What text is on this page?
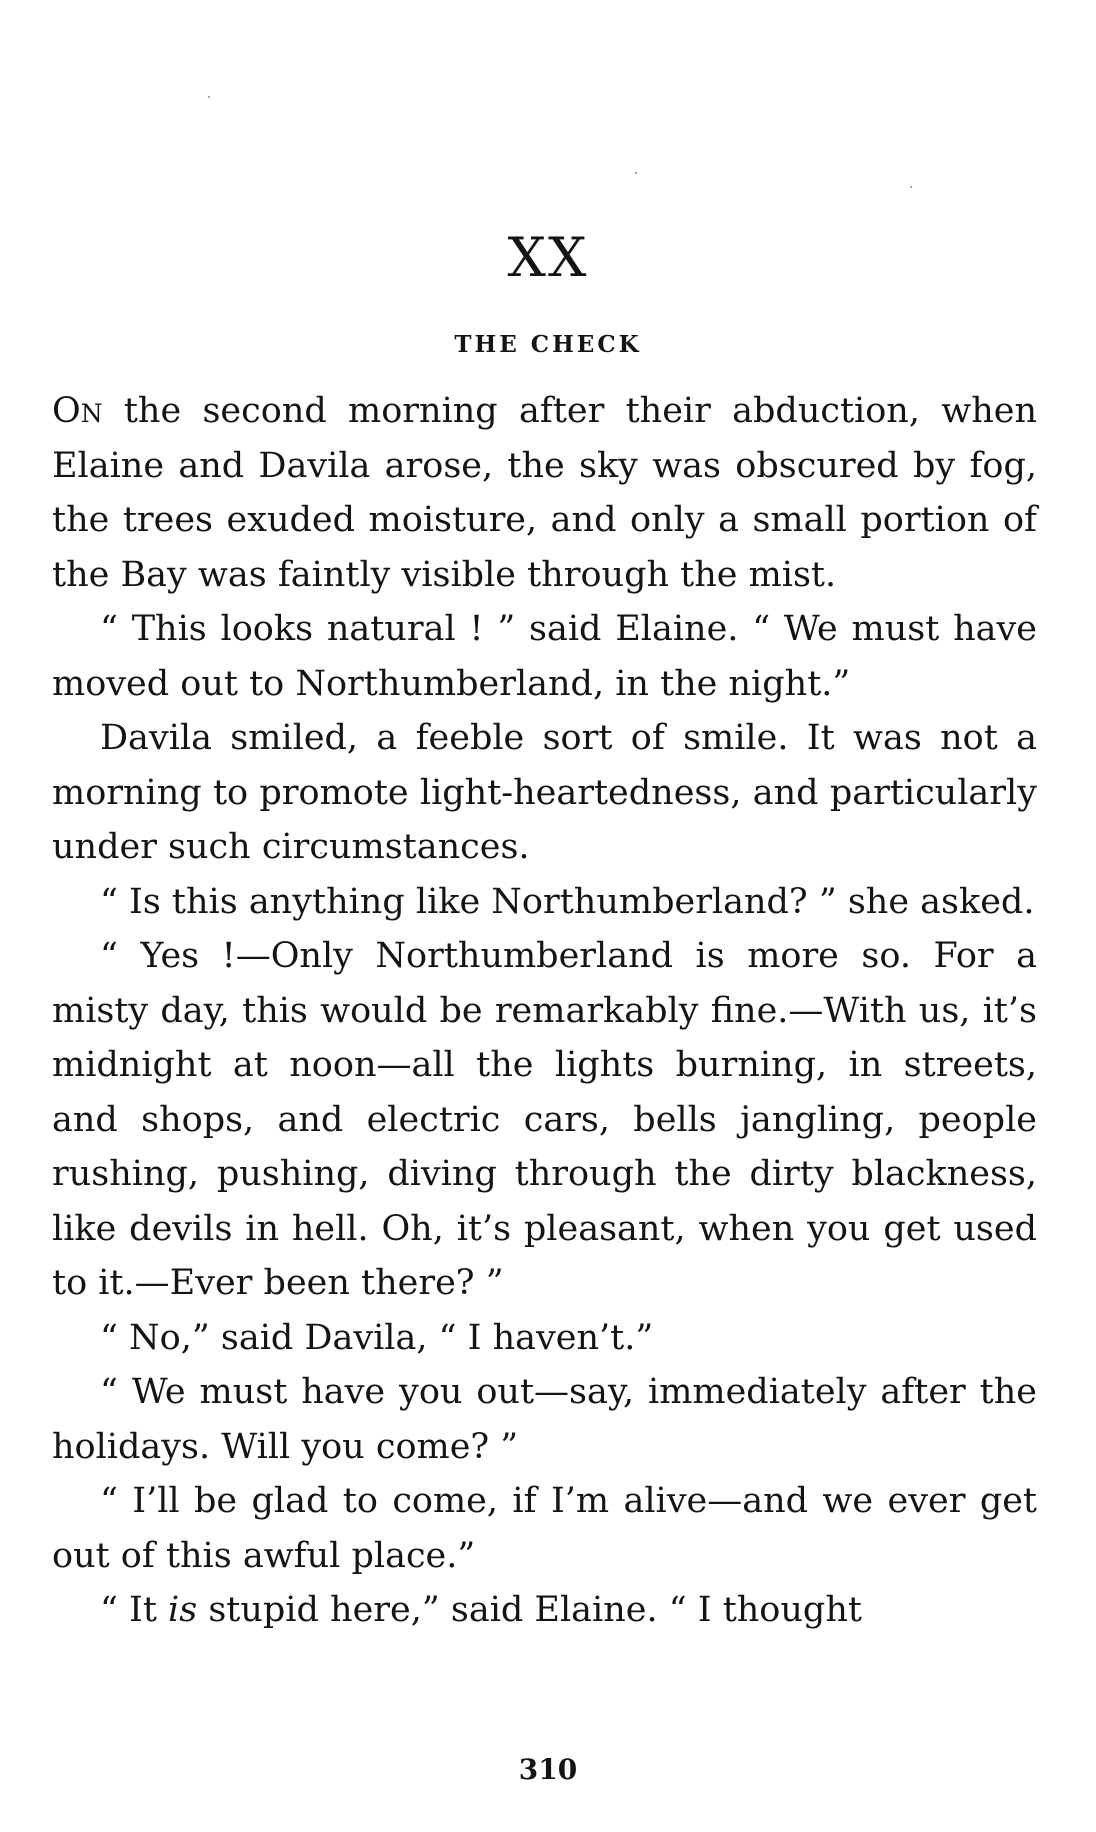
XX
THE CHECK

On the second morning after their abduction, when Elaine and Davila arose, the sky was obscured by fog, the trees exuded moisture, and only a small portion of the Bay was faintly visible through the mist.

“ This looks natural ! ” said Elaine. “ We must have moved out to Northumberland, in the night.”

Davila smiled, a feeble sort of smile. It was not a morning to promote light-heartedness, and particularly under such circumstances.

“ Is this anything like Northumberland? ” she asked.

“ Yes !—Only Northumberland is more so. For a misty day, this would be remarkably fine.—With us, it’s midnight at noon—all the lights burning, in streets, and shops, and electric cars, bells jangling, people rushing, pushing, diving through the dirty blackness, like devils in hell. Oh, it’s pleasant, when you get used to it.—Ever been there? ”

“ No,” said Davila, “ I haven’t.”

“ We must have you out—say, immediately after the holidays. Will you come? ”

“ I’ll be glad to come, if I’m alive—and we ever get out of this awful place.”

“ It is stupid here,” said Elaine. “ I thought

310
